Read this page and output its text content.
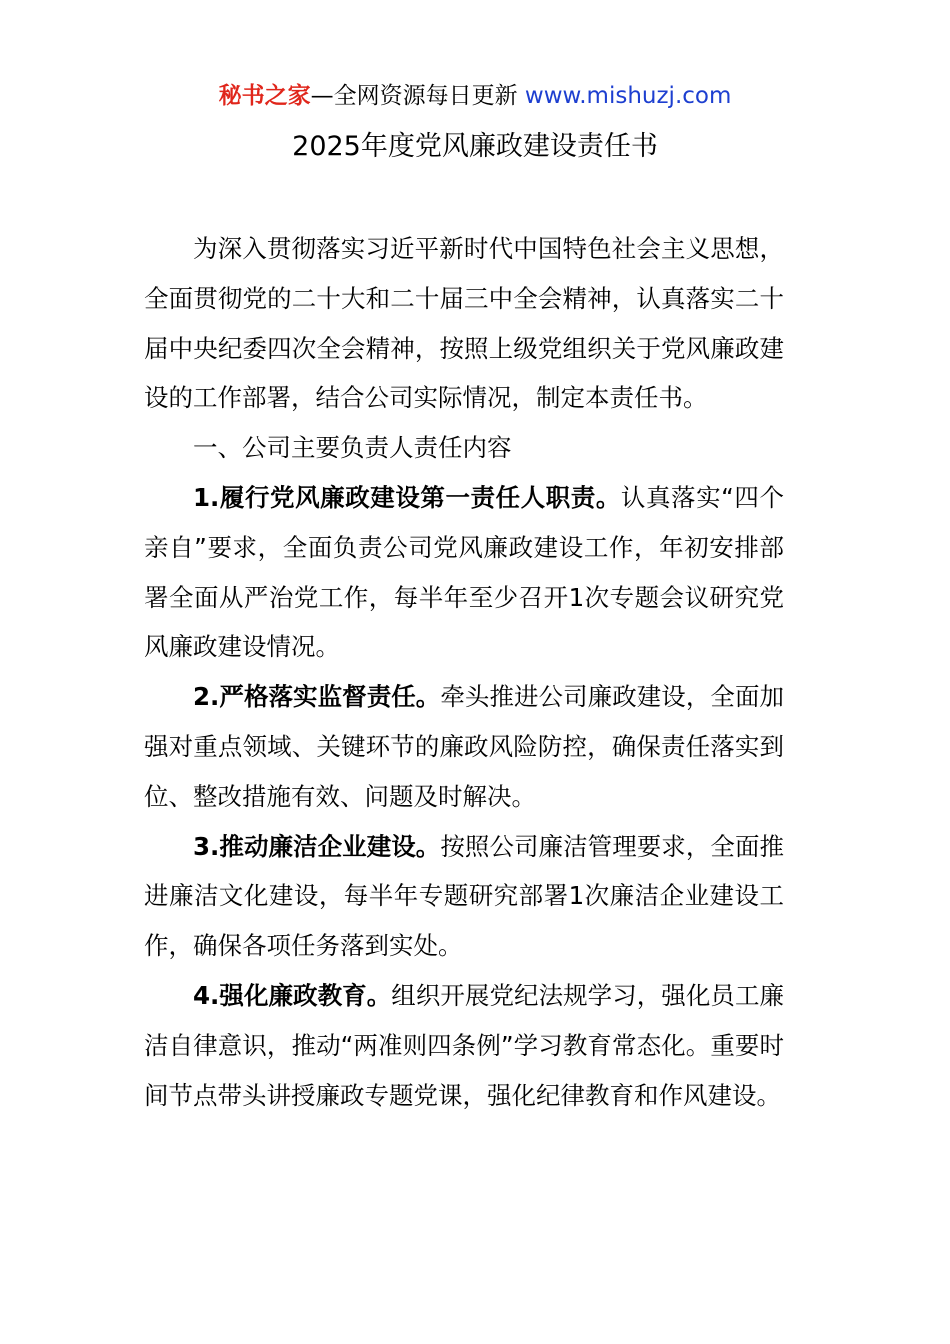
秘书之家—全网资源每日更新 www.mishuzj.com
2025年度党风廉政建设责任书

为深入贯彻落实习近平新时代中国特色社会主义思想，全面贯彻党的二十大和二十届三中全会精神，认真落实二十届中央纪委四次全会精神，按照上级党组织关于党风廉政建设的工作部署，结合公司实际情况，制定本责任书。

一、公司主要负责人责任内容

1.履行党风廉政建设第一责任人职责。认真落实“四个亲自”要求，全面负责公司党风廉政建设工作，年初安排部署全面从严治党工作，每半年至少召开1次专题会议研究党风廉政建设情况。

2.严格落实监督责任。牵头推进公司廉政建设，全面加强对重点领域、关键环节的廉政风险防控，确保责任落实到位、整改措施有效、问题及时解决。

3.推动廉洁企业建设。按照公司廉洁管理要求，全面推进廉洁文化建设，每半年专题研究部署1次廉洁企业建设工作，确保各项任务落到实处。

4.强化廉政教育。组织开展党纪法规学习，强化员工廉洁自律意识，推动“两准则四条例”学习教育常态化。重要时间节点带头讲授廉政专题党课，强化纪律教育和作风建设。
